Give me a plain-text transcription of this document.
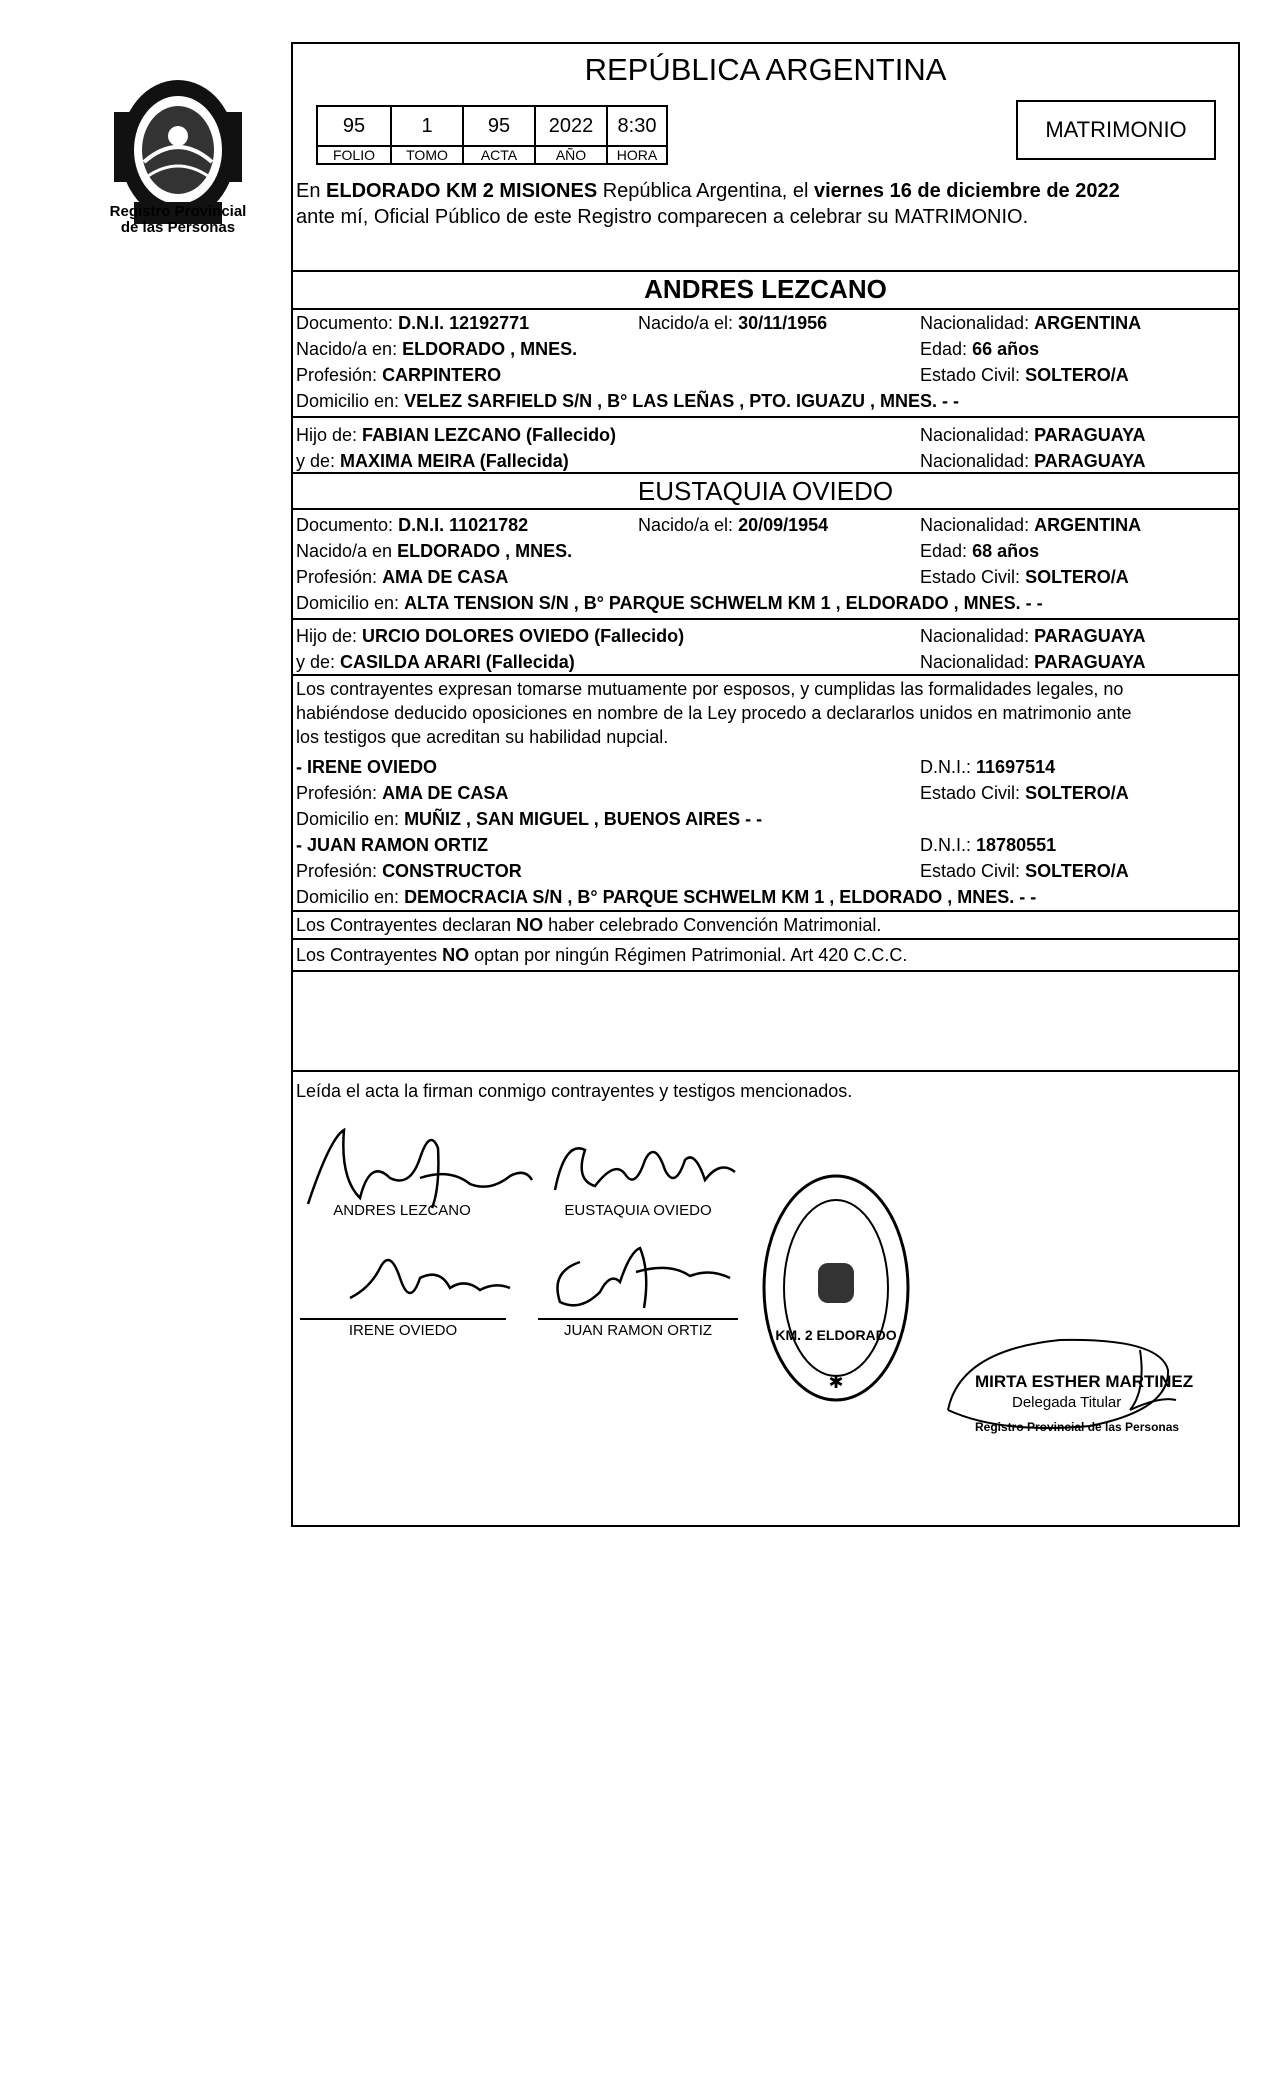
Registro Provincial
de las Personas
REPÚBLICA ARGENTINA
95	1	95	2022	8:30
FOLIO	TOMO	ACTA	AÑO	HORA
MATRIMONIO
En ELDORADO KM 2 MISIONES República Argentina, el viernes 16 de diciembre de 2022
ante mí, Oficial Público de este Registro comparecen a celebrar su MATRIMONIO.
ANDRES LEZCANO
Documento: D.N.I. 12192771	Nacido/a el: 30/11/1956	Nacionalidad: ARGENTINA
Nacido/a en: ELDORADO , MNES.	Edad: 66 años
Profesión: CARPINTERO	Estado Civil: SOLTERO/A
Domicilio en: VELEZ SARFIELD S/N , B° LAS LEÑAS , PTO. IGUAZU , MNES. - -
Hijo de: FABIAN LEZCANO (Fallecido)	Nacionalidad: PARAGUAYA
y de: MAXIMA MEIRA (Fallecida)	Nacionalidad: PARAGUAYA
EUSTAQUIA OVIEDO
Documento: D.N.I. 11021782	Nacido/a el: 20/09/1954	Nacionalidad: ARGENTINA
Nacido/a en ELDORADO , MNES.	Edad: 68 años
Profesión: AMA DE CASA	Estado Civil: SOLTERO/A
Domicilio en: ALTA TENSION S/N , B° PARQUE SCHWELM KM 1 , ELDORADO , MNES. - -
Hijo de: URCIO DOLORES OVIEDO (Fallecido)	Nacionalidad: PARAGUAYA
y de: CASILDA ARARI (Fallecida)	Nacionalidad: PARAGUAYA
Los contrayentes expresan tomarse mutuamente por esposos, y cumplidas las formalidades legales, no
habiéndose deducido oposiciones en nombre de la Ley procedo a declararlos unidos en matrimonio ante
los testigos que acreditan su habilidad nupcial.
- IRENE OVIEDO	D.N.I.: 11697514
Profesión: AMA DE CASA	Estado Civil: SOLTERO/A
Domicilio en: MUÑIZ , SAN MIGUEL , BUENOS AIRES - -
- JUAN RAMON ORTIZ	D.N.I.: 18780551
Profesión: CONSTRUCTOR	Estado Civil: SOLTERO/A
Domicilio en: DEMOCRACIA S/N , B° PARQUE SCHWELM KM 1 , ELDORADO , MNES. - -
Los Contrayentes declaran NO haber celebrado Convención Matrimonial.
Los Contrayentes NO optan por ningún Régimen Patrimonial. Art 420 C.C.C.
Leída el acta la firman conmigo contrayentes y testigos mencionados.
ANDRES LEZCANO	EUSTAQUIA OVIEDO
IRENE OVIEDO	JUAN RAMON ORTIZ	KM. 2 ELDORADO
✱	MIRTA ESTHER MARTINEZ
Delegada Titular
Registro Provincial de las Personas
